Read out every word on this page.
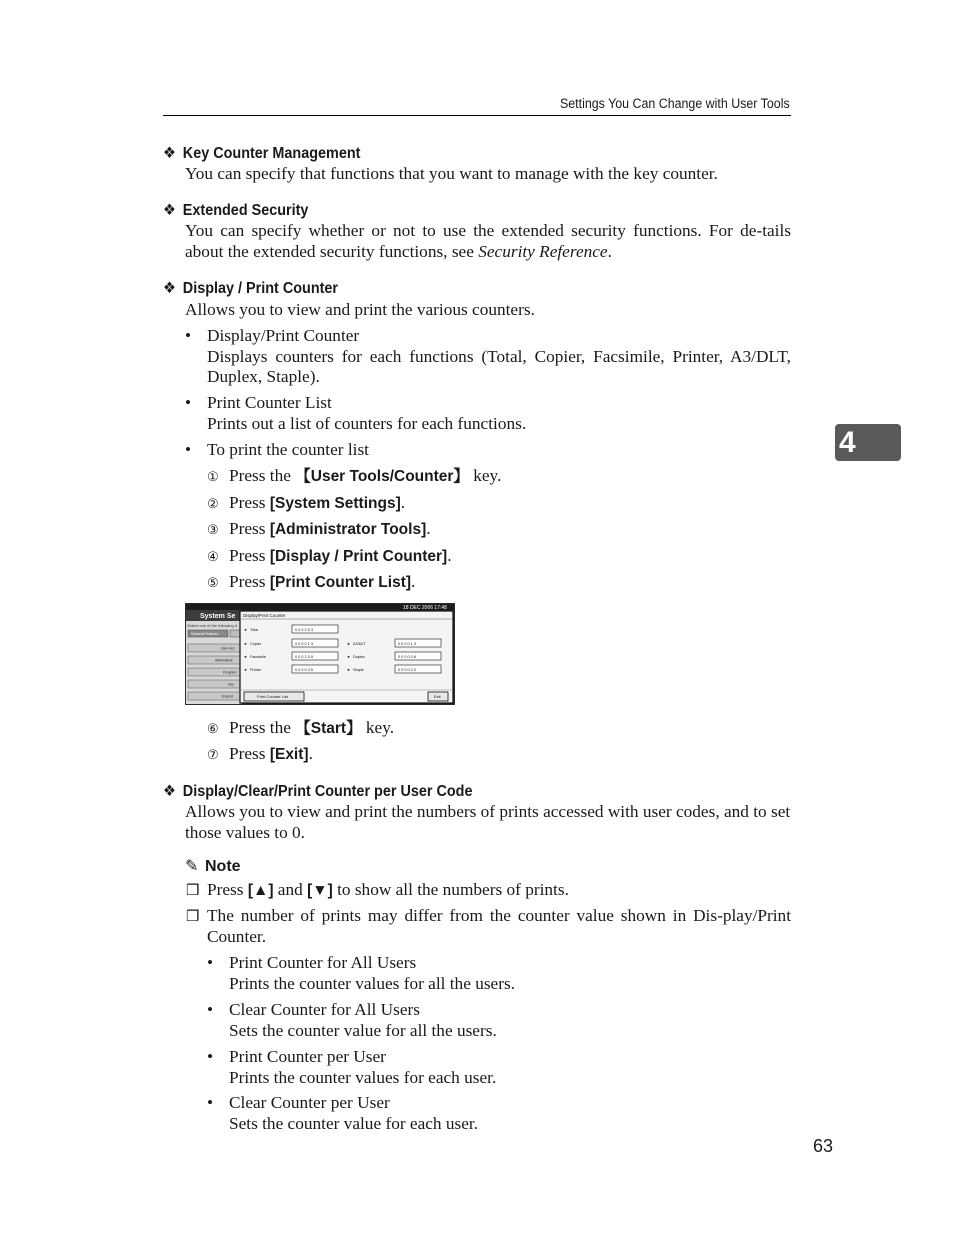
Settings You Can Change with User Tools
4
❖ Key Counter Management
You can specify that functions that you want to manage with the key counter.
❖ Extended Security
You can specify whether or not to use the extended security functions. For de-tails about the extended security functions, see Security Reference.
❖ Display / Print Counter
Allows you to view and print the various counters.
• Display/Print Counter
Displays counters for each functions (Total, Copier, Facsimile, Printer, A3/DLT, Duplex, Staple).
• Print Counter List
Prints out a list of counters for each functions.
• To print the counter list
① Press the 【User Tools/Counter】 key.
② Press [System Settings].
③ Press [Administrator Tools].
④ Press [Display / Print Counter].
⑤ Press [Print Counter List].
18 DEC 2006 17:48
System Se
Select one of the following d
General Features
User Aut
Administrat
Program
Key
Extend
Display/Print Counter
► Total	0 0 0 2 9 3
► Copier	0 0 0 0 1 3
► Facsimile	0 0 0 2 3 5
► Printer	0 0 0 0 4 5
► A3/DLT	0 0 0 0 1 3
► Duplex	0 0 0 0 0 6
► Staple	0 0 0 0 0 0
Print Counter List	Exit
⑥ Press the 【Start】 key.
⑦ Press [Exit].
❖ Display/Clear/Print Counter per User Code
Allows you to view and print the numbers of prints accessed with user codes, and to set those values to 0.
✎ Note
❒ Press [▲] and [▼] to show all the numbers of prints.
❒ The number of prints may differ from the counter value shown in Dis-play/Print Counter.
• Print Counter for All Users
Prints the counter values for all the users.
• Clear Counter for All Users
Sets the counter value for all the users.
• Print Counter per User
Prints the counter values for each user.
• Clear Counter per User
Sets the counter value for each user.
63
